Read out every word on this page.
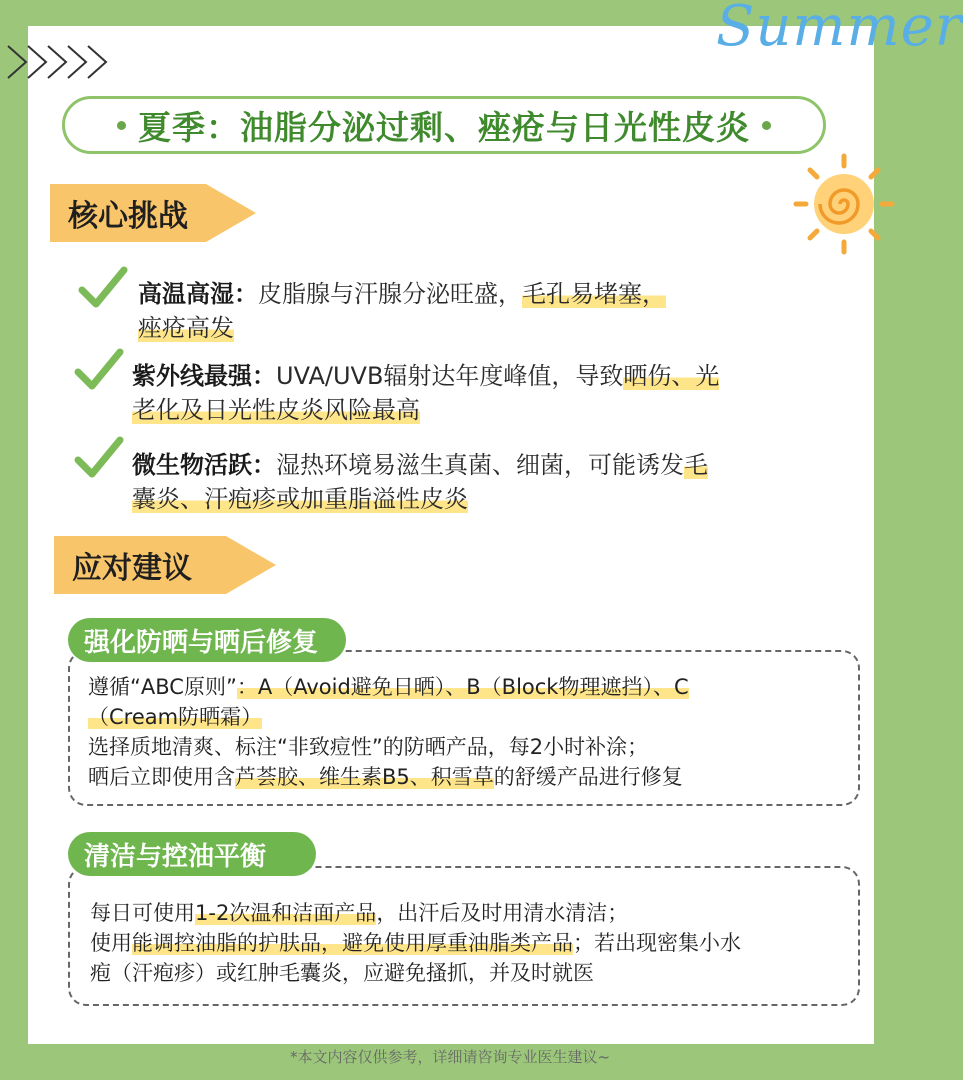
Summer
夏季：油脂分泌过剩、痤疮与日光性皮炎
核心挑战
高温高湿：皮脂腺与汗腺分泌旺盛，毛孔易堵塞，
痤疮高发
紫外线最强：UVA/UVB辐射达年度峰值，导致晒伤、光
老化及日光性皮炎风险最高
微生物活跃：湿热环境易滋生真菌、细菌，可能诱发毛
囊炎、汗疱疹或加重脂溢性皮炎
应对建议
强化防晒与晒后修复
遵循“ABC原则”：A（Avoid避免日晒）、B（Block物理遮挡）、C
（Cream防晒霜）
选择质地清爽、标注“非致痘性”的防晒产品，每2小时补涂；
晒后立即使用含芦荟胶、维生素B5、积雪草的舒缓产品进行修复
清洁与控油平衡
每日可使用1-2次温和洁面产品，出汗后及时用清水清洁；
使用能调控油脂的护肤品，避免使用厚重油脂类产品；若出现密集小水
疱（汗疱疹）或红肿毛囊炎，应避免搔抓，并及时就医
*本文内容仅供参考，详细请咨询专业医生建议~
